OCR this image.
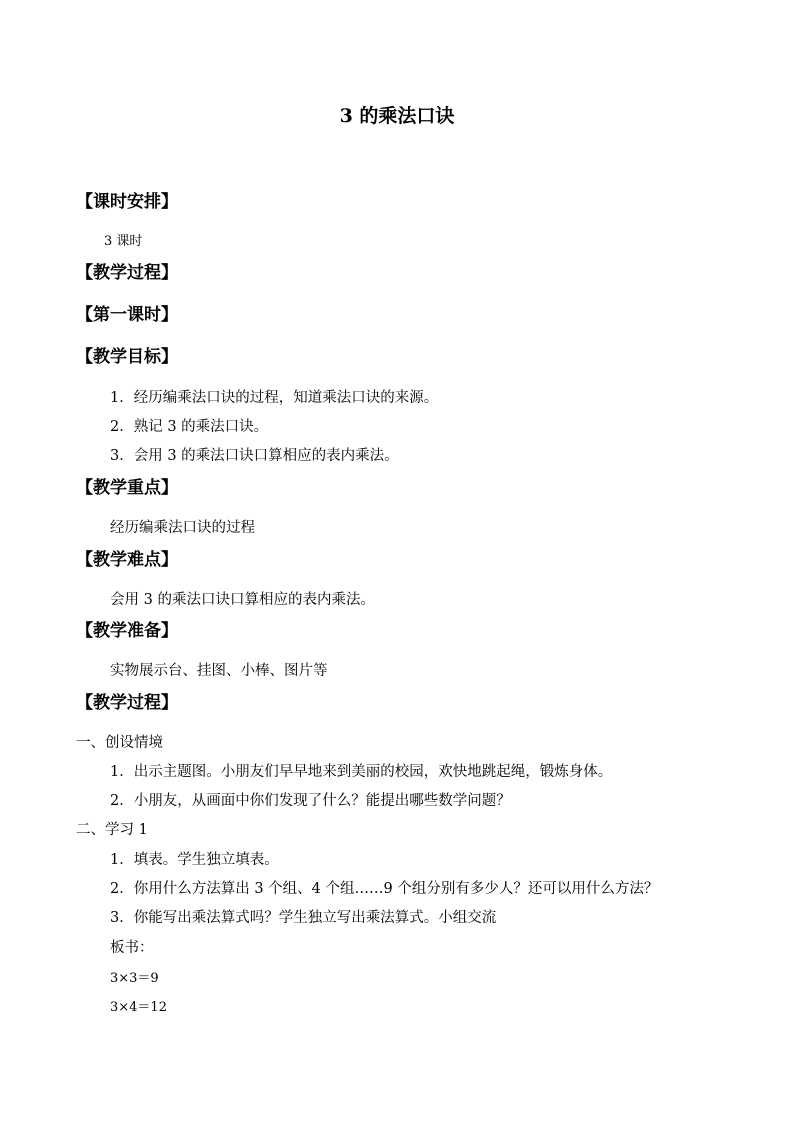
3 的乘法口诀
【课时安排】
3 课时
【教学过程】
【第一课时】
【教学目标】
1．经历编乘法口诀的过程，知道乘法口诀的来源。
2．熟记 3 的乘法口诀。
3．会用 3 的乘法口诀口算相应的表内乘法。
【教学重点】
经历编乘法口诀的过程
【教学难点】
会用 3 的乘法口诀口算相应的表内乘法。
【教学准备】
实物展示台、挂图、小棒、图片等
【教学过程】
一、创设情境
1．出示主题图。小朋友们早早地来到美丽的校园，欢快地跳起绳，锻炼身体。
2．小朋友，从画面中你们发现了什么？能提出哪些数学问题？
二、学习 1
1．填表。学生独立填表。
2．你用什么方法算出 3 个组、4 个组……9 个组分别有多少人？还可以用什么方法？
3．你能写出乘法算式吗？学生独立写出乘法算式。小组交流
板书：
3×3＝9
3×4＝12
